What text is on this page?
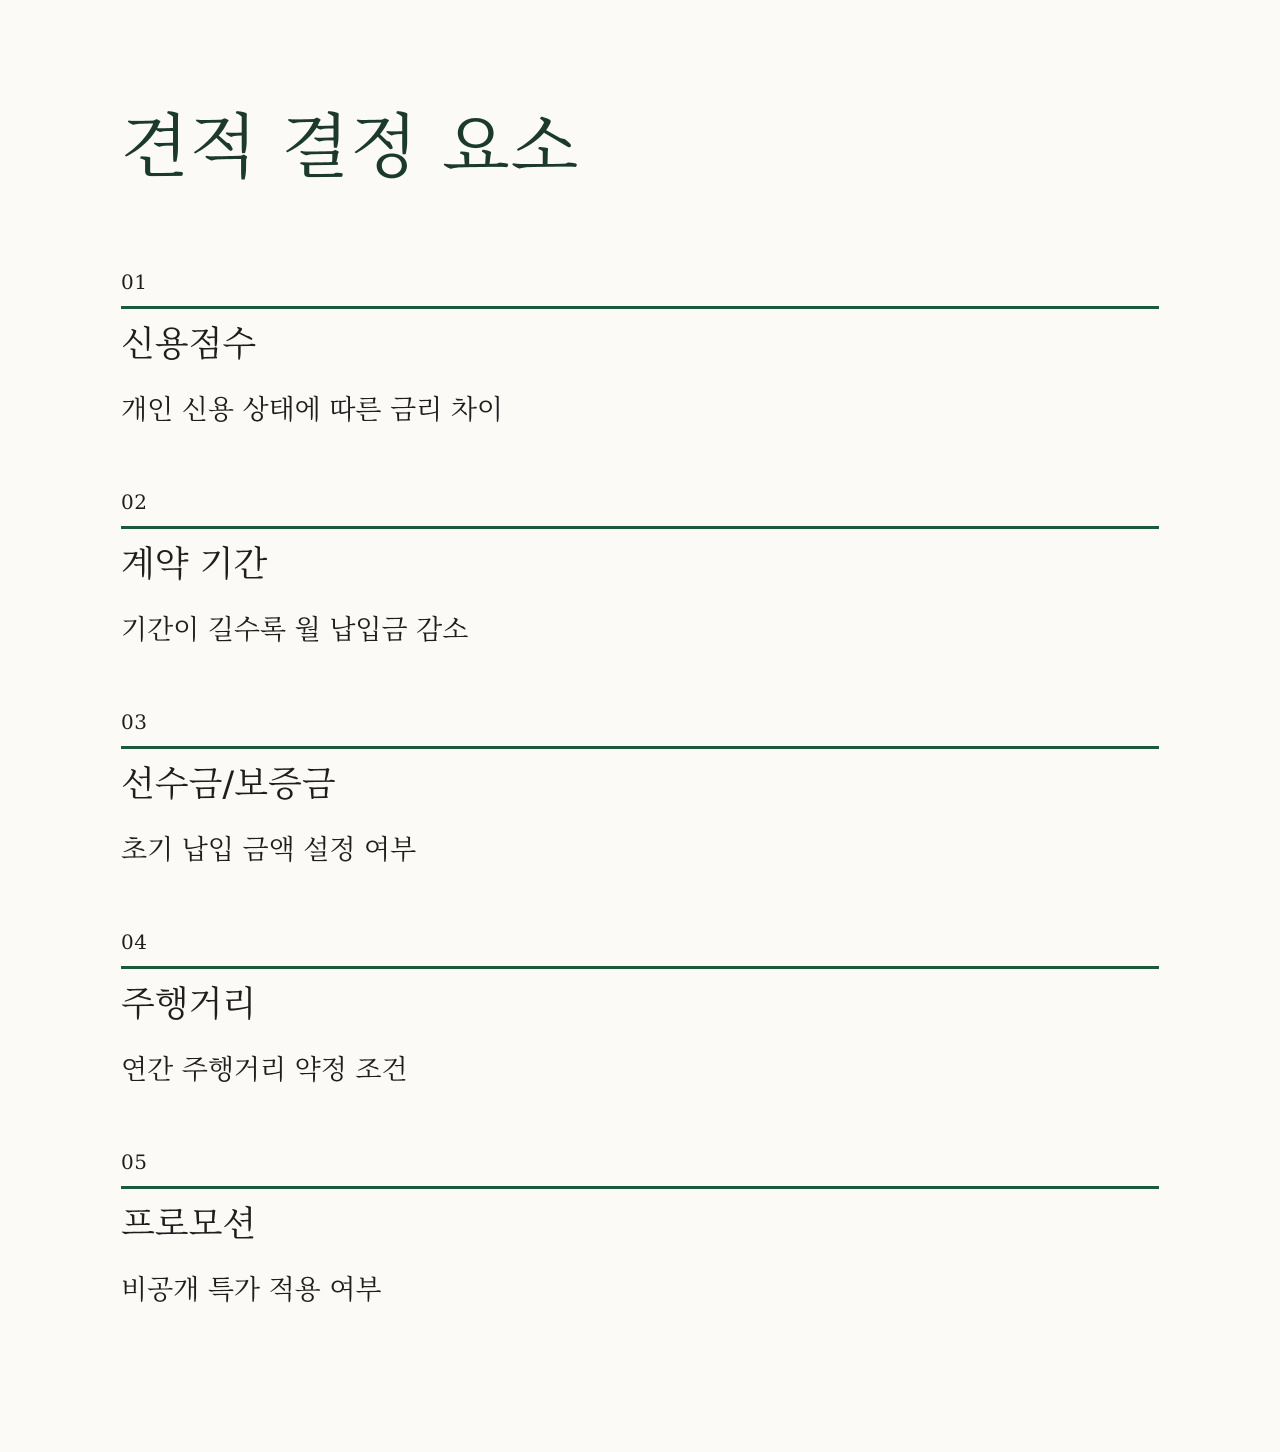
견적 결정 요소
01
신용점수
개인 신용 상태에 따른 금리 차이
02
계약 기간
기간이 길수록 월 납입금 감소
03
선수금/보증금
초기 납입 금액 설정 여부
04
주행거리
연간 주행거리 약정 조건
05
프로모션
비공개 특가 적용 여부
